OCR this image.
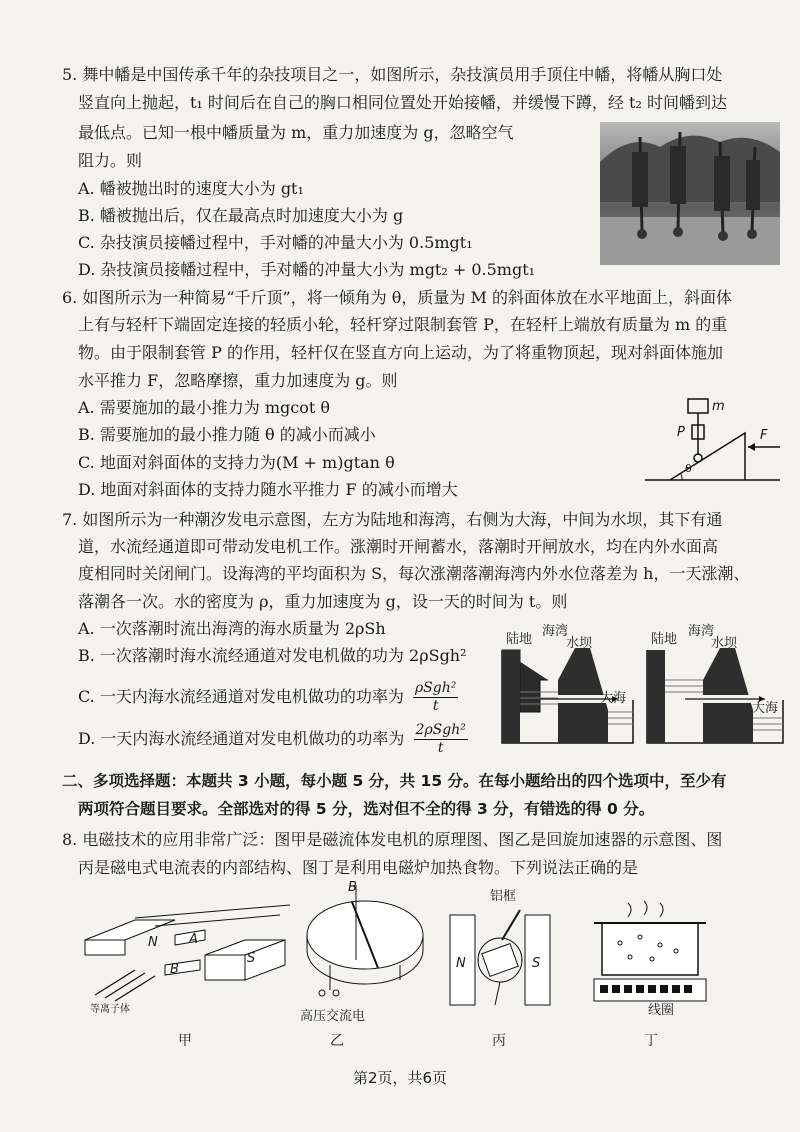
5. 舞中幡是中国传承千年的杂技项目之一，如图所示，杂技演员用手顶住中幡，将幡从胸口处
竖直向上抛起，t₁ 时间后在自己的胸口相同位置处开始接幡，并缓慢下蹲，经 t₂ 时间幡到达
最低点。已知一根中幡质量为 m，重力加速度为 g，忽略空气
阻力。则
A. 幡被抛出时的速度大小为 gt₁
B. 幡被抛出后，仅在最高点时加速度大小为 g
C. 杂技演员接幡过程中，手对幡的冲量大小为 0.5mgt₁
D. 杂技演员接幡过程中，手对幡的冲量大小为 mgt₂ + 0.5mgt₁
6. 如图所示为一种简易“千斤顶”，将一倾角为 θ，质量为 M 的斜面体放在水平地面上，斜面体
上有与轻杆下端固定连接的轻质小轮，轻杆穿过限制套管 P，在轻杆上端放有质量为 m 的重
物。由于限制套管 P 的作用，轻杆仅在竖直方向上运动，为了将重物顶起，现对斜面体施加
水平推力 F，忽略摩擦，重力加速度为 g。则
A. 需要施加的最小推力为 mgcot θ
B. 需要施加的最小推力随 θ 的减小而减小
C. 地面对斜面体的支持力为(M + m)gtan θ
D. 地面对斜面体的支持力随水平推力 F 的减小而增大
m
P	F
θ
7. 如图所示为一种潮汐发电示意图，左方为陆地和海湾，右侧为大海，中间为水坝，其下有通
道，水流经通道即可带动发电机工作。涨潮时开闸蓄水，落潮时开闸放水，均在内外水面高
度相同时关闭闸门。设海湾的平均面积为 S，每次涨潮落潮海湾内外水位落差为 h，一天涨潮、
落潮各一次。水的密度为 ρ，重力加速度为 g，设一天的时间为 t。则
A. 一次落潮时流出海湾的海水质量为 2ρSh
B. 一次落潮时海水流经通道对发电机做的功为 2ρSgh²
C. 一天内海水流经通道对发电机做功的功率为 ρSgh²
t
D. 一天内海水流经通道对发电机做功的功率为 2ρSgh²
t
陆地
海湾
水坝
大海
陆地
海湾
水坝
大海
二、多项选择题：本题共 3 小题，每小题 5 分，共 15 分。在每小题给出的四个选项中，至少有
两项符合题目要求。全部选对的得 5 分，选对但不全的得 3 分，有错选的得 0 分。
8. 电磁技术的应用非常广泛：图甲是磁流体发电机的原理图、图乙是回旋加速器的示意图、图
丙是磁电式电流表的内部结构、图丁是利用电磁炉加热食物。下列说法正确的是
N
S
A
B
等离子体
甲
B
高压交流电
乙
N	S
铝框
丙
线圈
丁
第2页，共6页
